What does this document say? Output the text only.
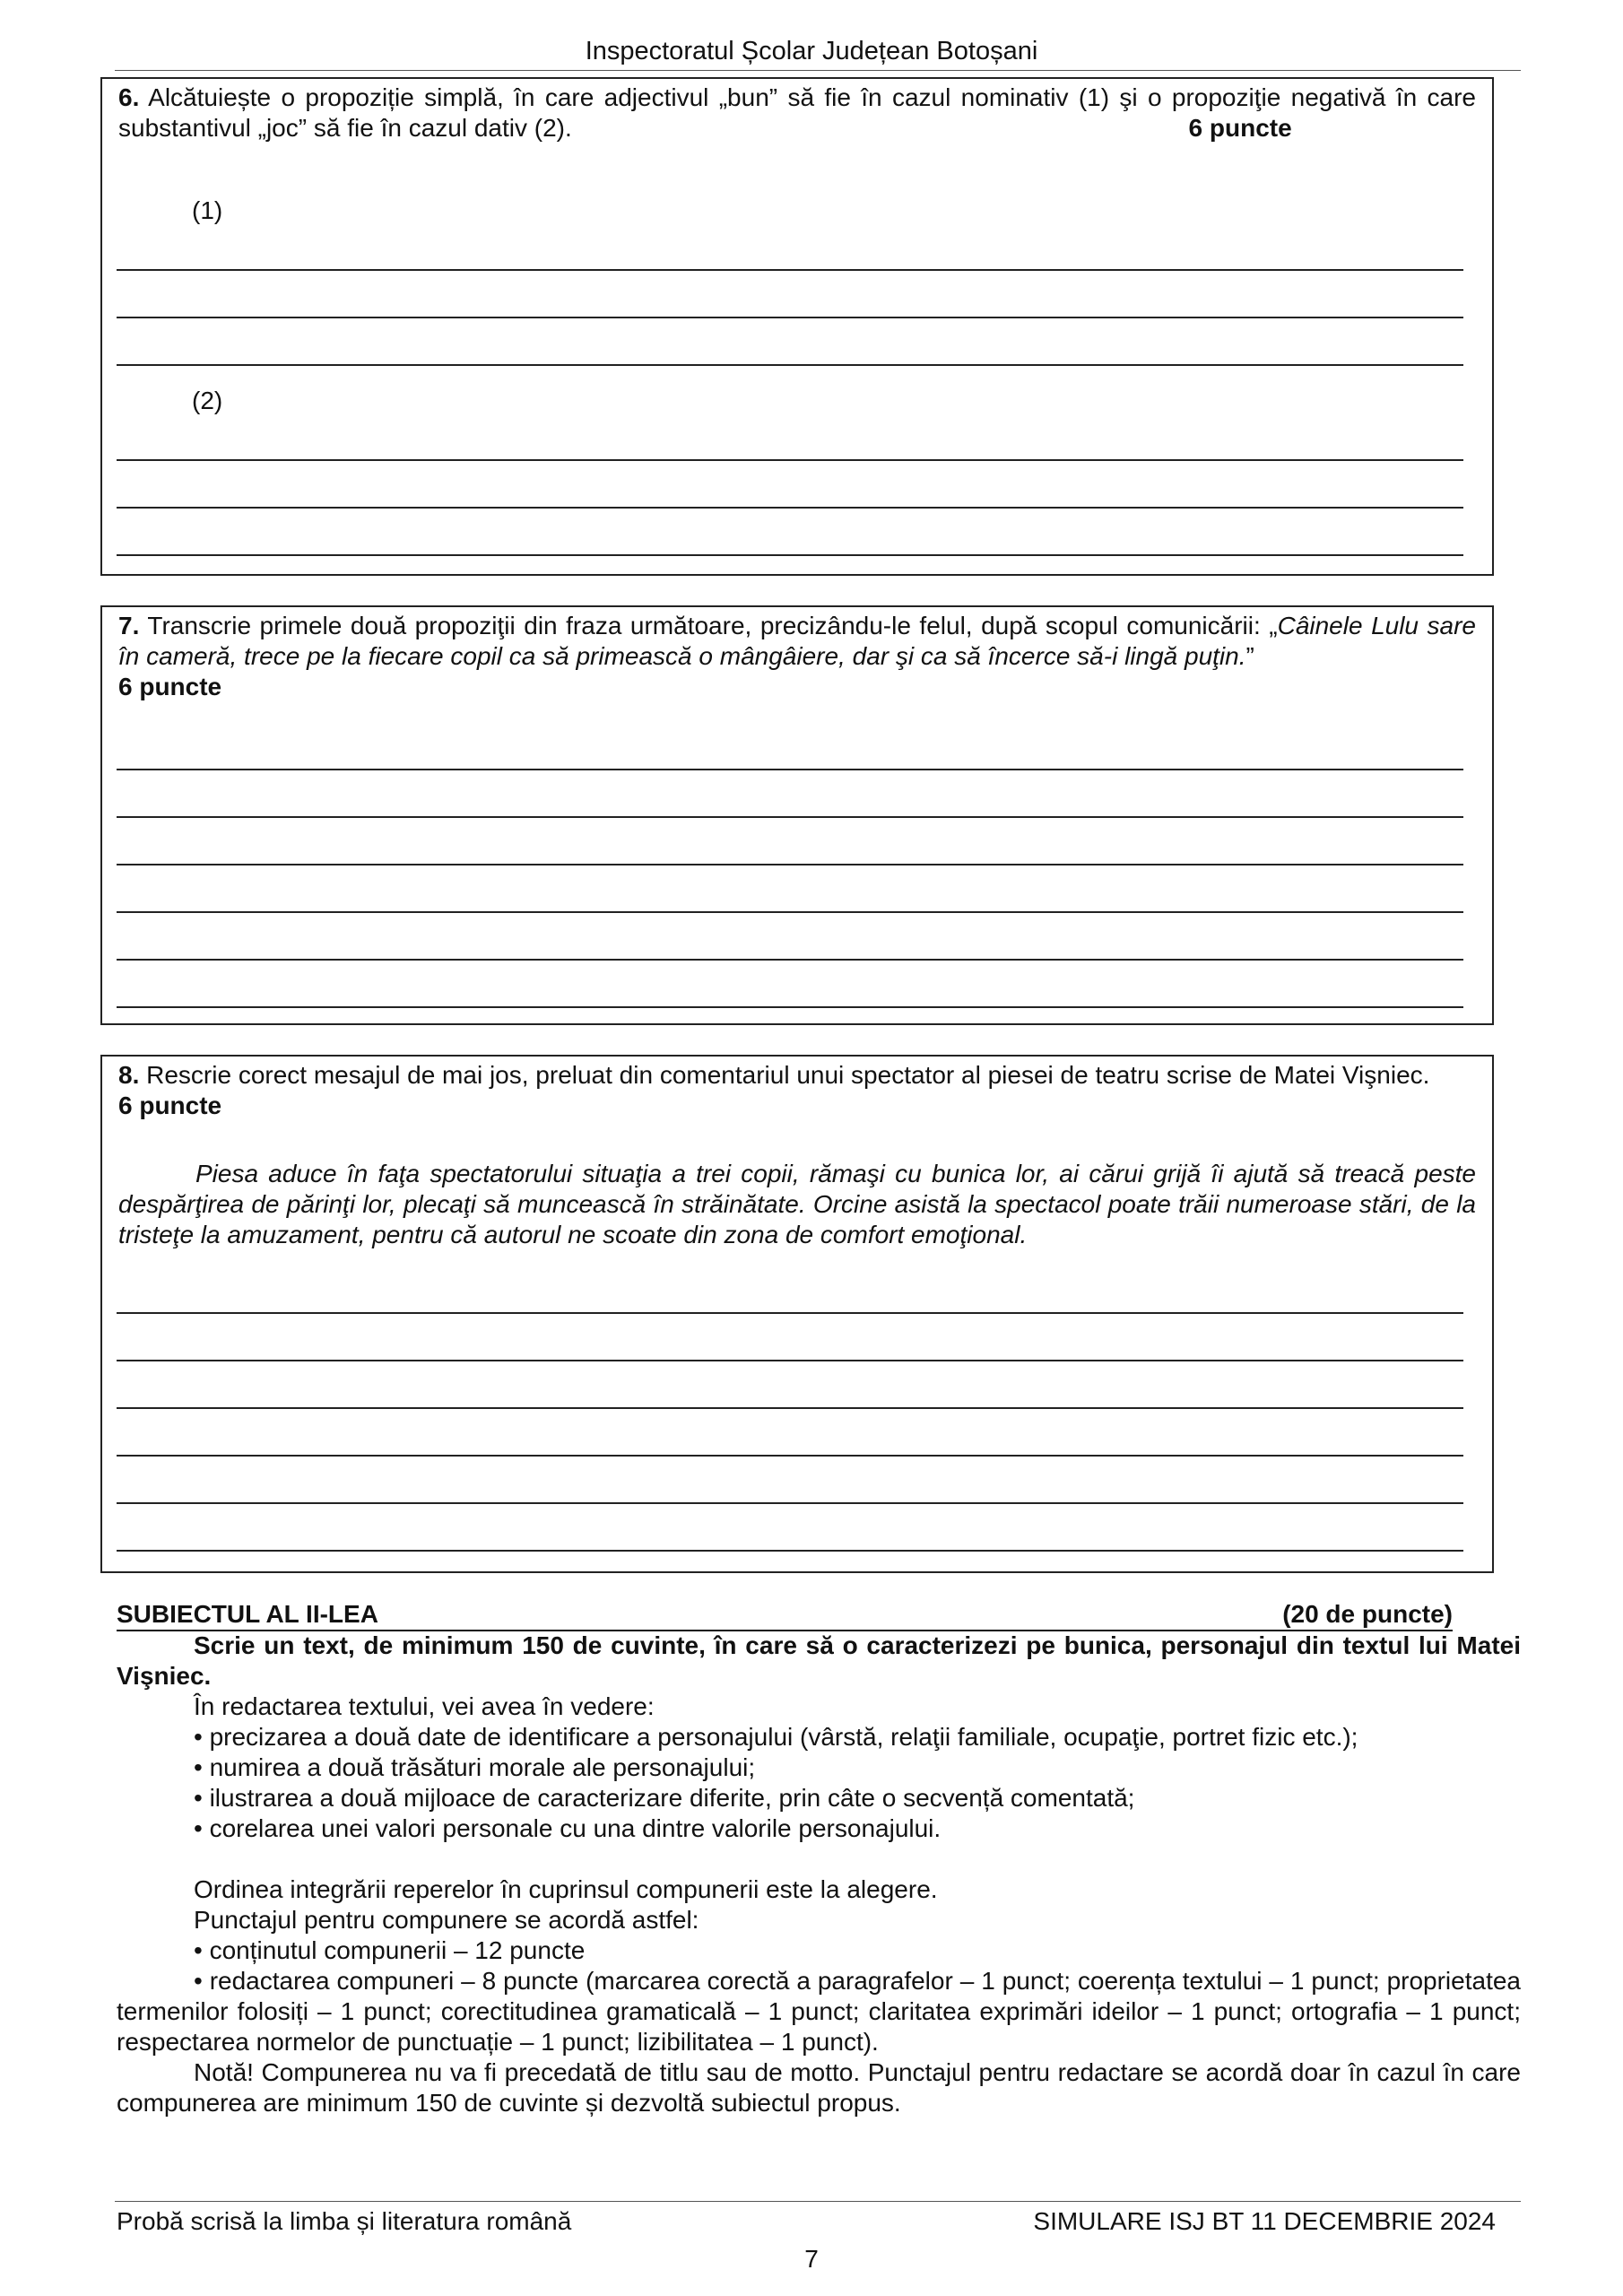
Inspectoratul Școlar Județean Botoșani
6. Alcătuiește o propoziție simplă, în care adjectivul „bun” să fie în cazul nominativ (1) şi o propoziţie negativă în care substantivul „joc” să fie în cazul dativ (2).	6 puncte
(1)
(2)
7. Transcrie primele două propoziţii din fraza următoare, precizându-le felul, după scopul comunicării: „Câinele Lulu sare în cameră, trece pe la fiecare copil ca să primească o mângâiere, dar şi ca să încerce să-i lingă puţin.”
6 puncte
8. Rescrie corect mesajul de mai jos, preluat din comentariul unui spectator al piesei de teatru scrise de Matei Vişniec.
6 puncte
Piesa aduce în faţa spectatorului situaţia a trei copii, rămaşi cu bunica lor, ai cărui grijă îi ajută să treacă peste despărţirea de părinţi lor, plecaţi să muncească în străinătate. Orcine asistă la spectacol poate trăii numeroase stări, de la tristeţe la amuzament, pentru că autorul ne scoate din zona de comfort emoţional.
SUBIECTUL AL II-LEA	(20 de puncte)
Scrie un text, de minimum 150 de cuvinte, în care să o caracterizezi pe bunica, personajul din textul lui Matei Vişniec.
În redactarea textului, vei avea în vedere:
• precizarea a două date de identificare a personajului (vârstă, relaţii familiale, ocupaţie, portret fizic etc.);
• numirea a două trăsături morale ale personajului;
• ilustrarea a două mijloace de caracterizare diferite, prin câte o secvență comentată;
• corelarea unei valori personale cu una dintre valorile personajului.
Ordinea integrării reperelor în cuprinsul compunerii este la alegere.
Punctajul pentru compunere se acordă astfel:
• conținutul compunerii – 12 puncte
• redactarea compuneri – 8 puncte (marcarea corectă a paragrafelor – 1 punct; coerența textului – 1 punct; proprietatea termenilor folosiți – 1 punct; corectitudinea gramaticală – 1 punct; claritatea exprimări ideilor – 1 punct; ortografia – 1 punct; respectarea normelor de punctuație – 1 punct; lizibilitatea – 1 punct).
Notă! Compunerea nu va fi precedată de titlu sau de motto. Punctajul pentru redactare se acordă doar în cazul în care compunerea are minimum 150 de cuvinte și dezvoltă subiectul propus.
Probă scrisă la limba și literatura română	SIMULARE ISJ BT 11 DECEMBRIE 2024
7
